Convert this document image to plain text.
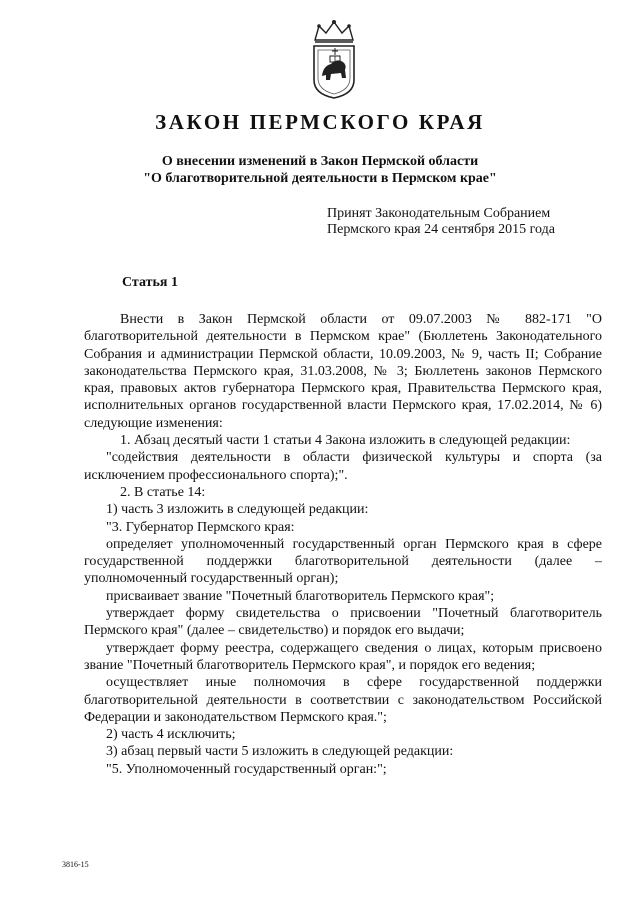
ЗАКОН ПЕРМСКОГО КРАЯ
О внесении изменений в Закон Пермской области
"О благотворительной деятельности в Пермском крае"
Принят Законодательным Собранием
Пермского края 24 сентября 2015 года
Статья 1

Внести в Закон Пермской области от 09.07.2003 № 882-171 "О благотворительной деятельности в Пермском крае" (Бюллетень Законодательного Собрания и администрации Пермской области, 10.09.2003, № 9, часть II; Собрание законодательства Пермского края, 31.03.2008, № 3; Бюллетень законов Пермского края, правовых актов губернатора Пермского края, Правительства Пермского края, исполнительных органов государственной власти Пермского края, 17.02.2014, № 6) следующие изменения:

1. Абзац десятый части 1 статьи 4 Закона изложить в следующей редакции:

"содействия деятельности в области физической культуры и спорта (за исключением профессионального спорта);".

2. В статье 14:

1) часть 3 изложить в следующей редакции:

"3. Губернатор Пермского края:

определяет уполномоченный государственный орган Пермского края в сфере государственной поддержки благотворительной деятельности (далее – уполномоченный государственный орган);

присваивает звание "Почетный благотворитель Пермского края";

утверждает форму свидетельства о присвоении "Почетный благотворитель Пермского края" (далее – свидетельство) и порядок его выдачи;

утверждает форму реестра, содержащего сведения о лицах, которым присвоено звание "Почетный благотворитель Пермского края", и порядок его ведения;

осуществляет иные полномочия в сфере государственной поддержки благотворительной деятельности в соответствии с законодательством Российской Федерации и законодательством Пермского края.";

2) часть 4 исключить;

3) абзац первый части 5 изложить в следующей редакции:

"5. Уполномоченный государственный орган:";

3816-15
